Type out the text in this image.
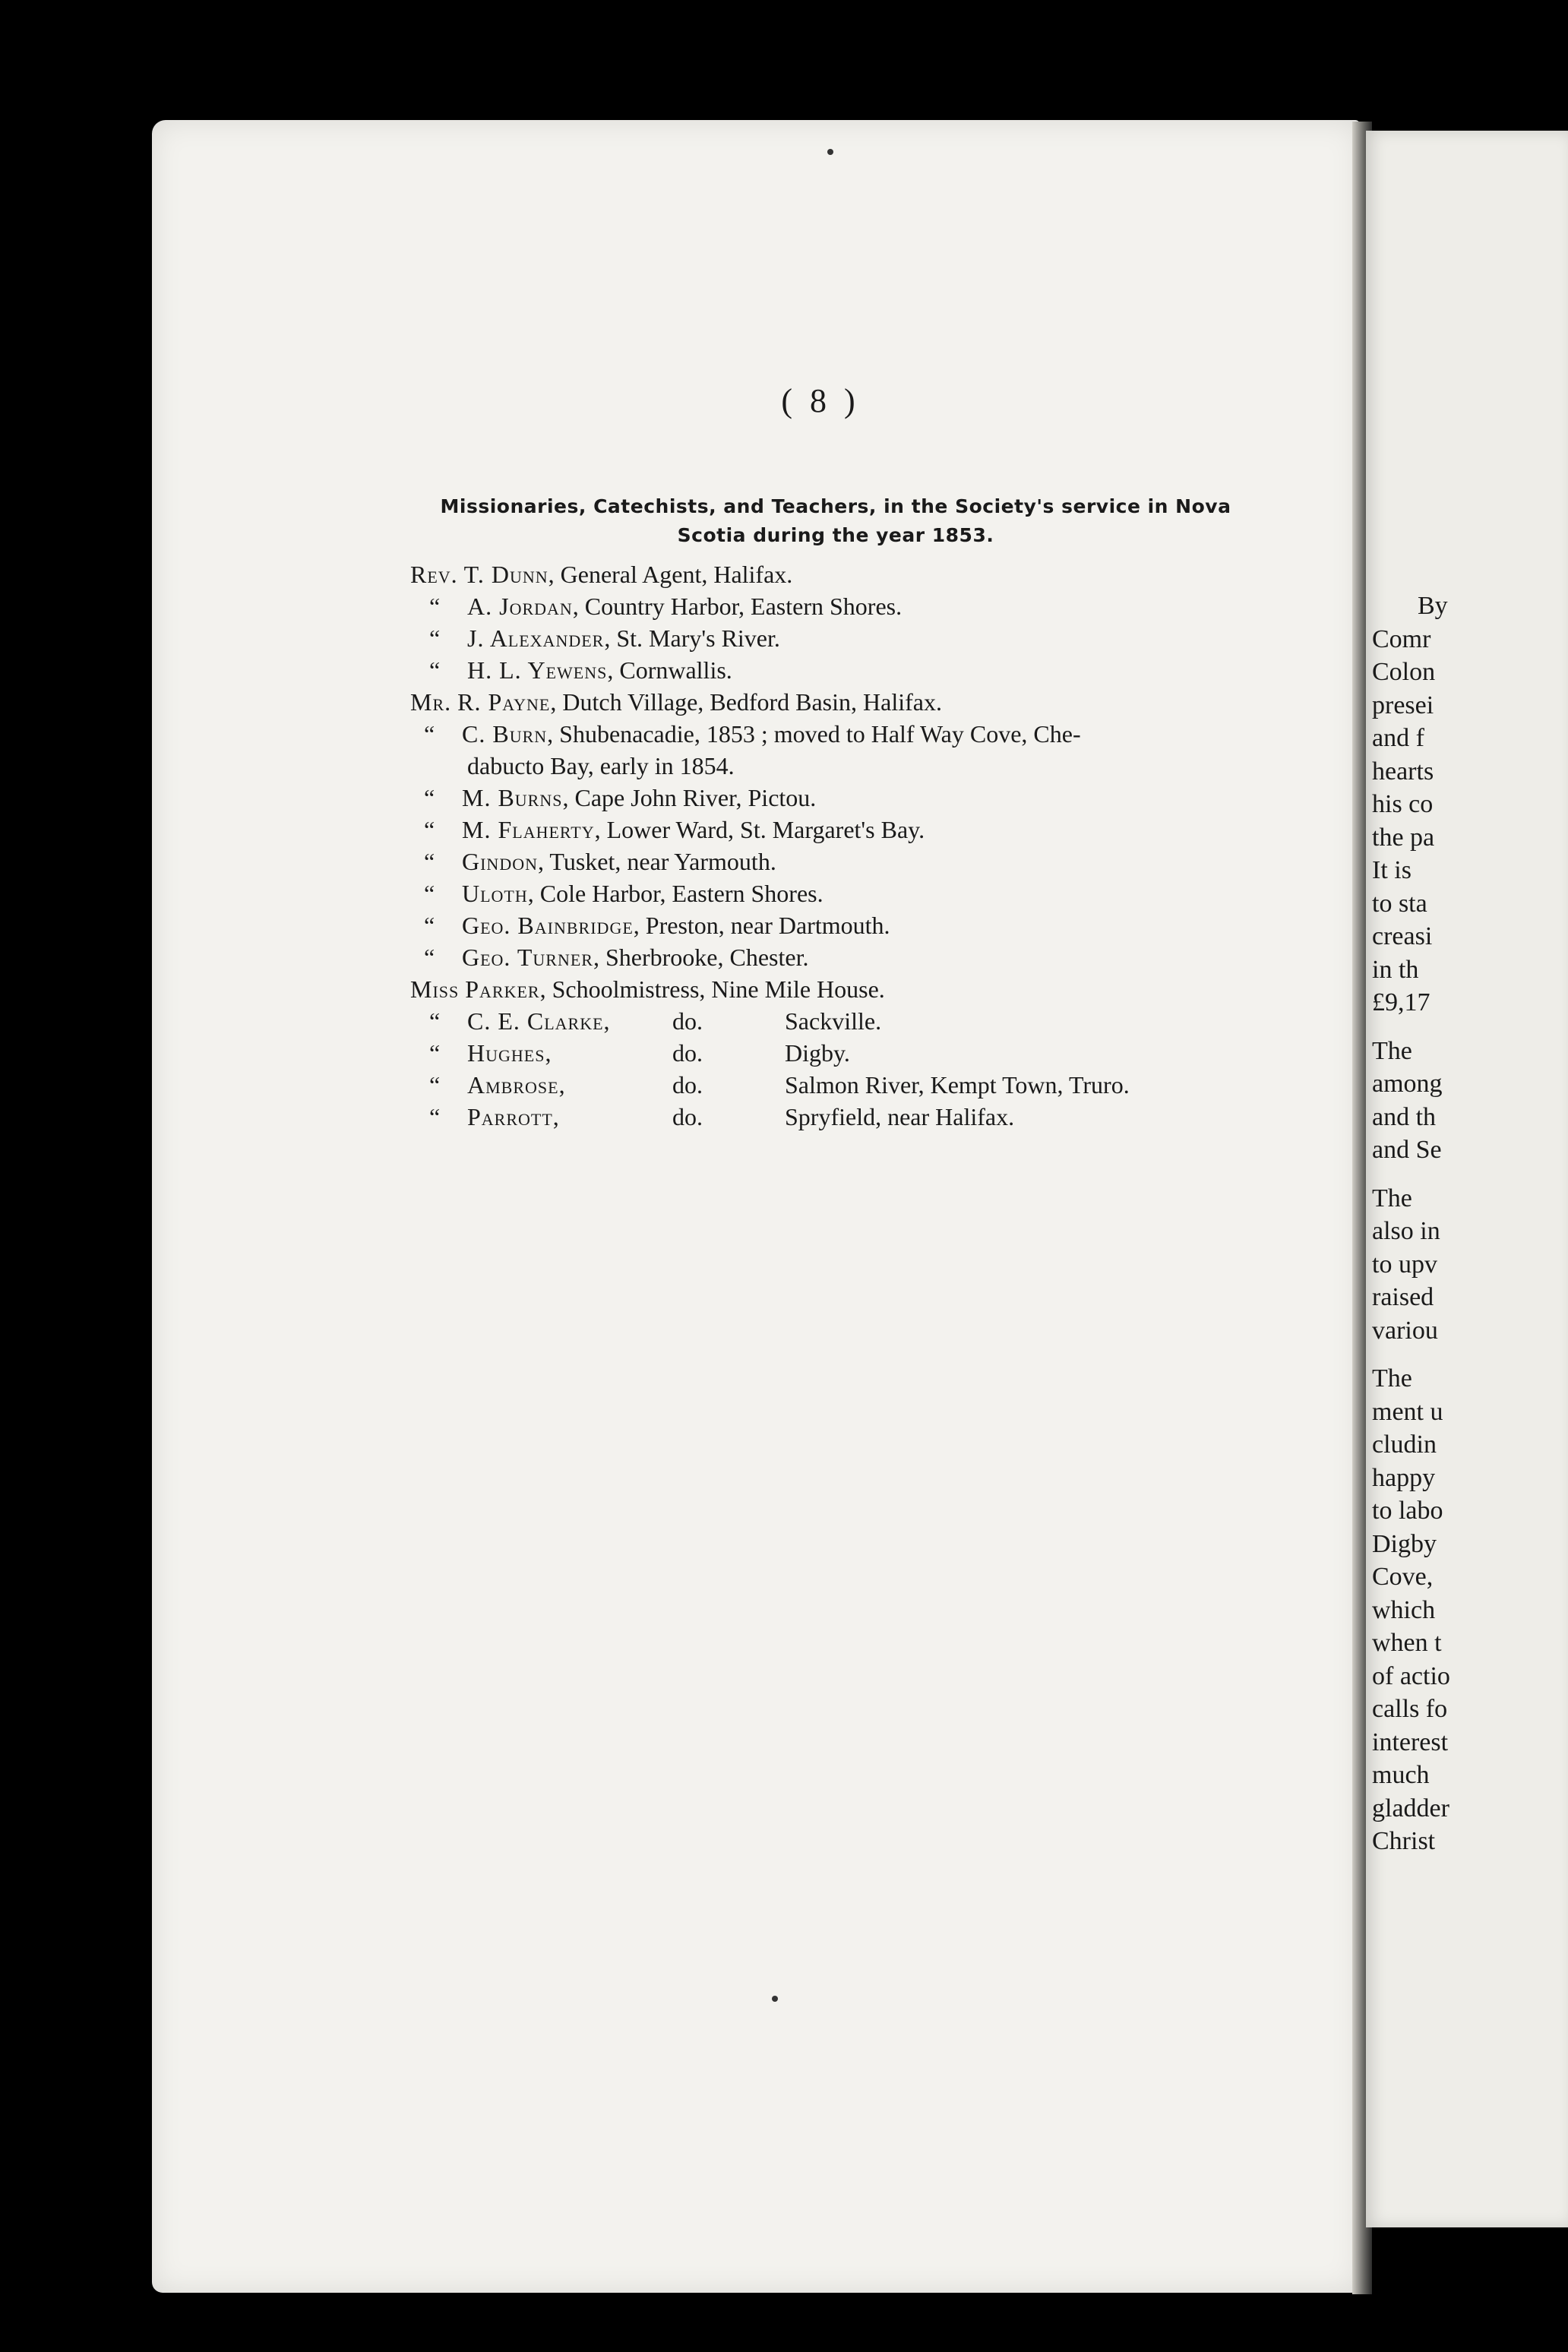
( 8 )
Missionaries, Catechists, and Teachers, in the Society's service in Nova
Scotia during the year 1853.
Rev. T. Dunn, General Agent, Halifax.
“ A. Jordan, Country Harbor, Eastern Shores.
“ J. Alexander, St. Mary's River.
“ H. L. Yewens, Cornwallis.
Mr. R. Payne, Dutch Village, Bedford Basin, Halifax.
“ C. Burn, Shubenacadie, 1853 ; moved to Half Way Cove, Che-
dabucto Bay, early in 1854.
“ M. Burns, Cape John River, Pictou.
“ M. Flaherty, Lower Ward, St. Margaret's Bay.
“ Gindon, Tusket, near Yarmouth.
“ Uloth, Cole Harbor, Eastern Shores.
“ Geo. Bainbridge, Preston, near Dartmouth.
“ Geo. Turner, Sherbrooke, Chester.
Miss Parker, Schoolmistress, Nine Mile House.
“ C. E. Clarke,	do.	Sackville.
“ Hughes,	do.	Digby.
“ Ambrose,	do.	Salmon River, Kempt Town, Truro.
“ Parrott,	do.	Spryfield, near Halifax.
By
Comr
Colon
presei
and f
hearts
his co
the pa
It is
to sta
creasi
in th
£9,17
The
among
and th
and Se
The
also in
to upv
raised
variou
The
ment u
cludin
happy
to labo
Digby
Cove,
which
when t
of actio
calls fo
interest
much
gladder
Christ
